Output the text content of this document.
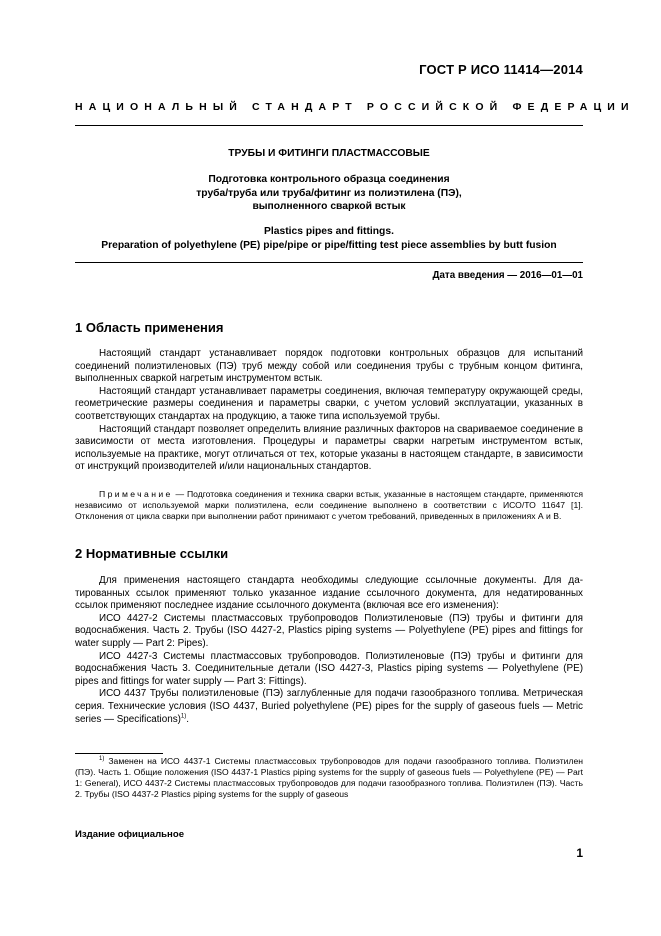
ГОСТ Р ИСО 11414—2014
НАЦИОНАЛЬНЫЙ СТАНДАРТ РОССИЙСКОЙ ФЕДЕРАЦИИ
ТРУБЫ И ФИТИНГИ ПЛАСТМАССОВЫЕ
Подготовка контрольного образца соединения
труба/труба или труба/фитинг из полиэтилена (ПЭ),
выполненного сваркой встык
Plastics pipes and fittings.
Preparation of polyethylene (PE) pipe/pipe or pipe/fitting test piece assemblies by butt fusion
Дата введения — 2016—01—01
1 Область применения

Настоящий стандарт устанавливает порядок подготовки контрольных образцов для испытаний соединений полиэтиленовых (ПЭ) труб между собой или соединения трубы с трубным концом фитинга, выполненных сваркой нагретым инструментом встык.

Настоящий стандарт устанавливает параметры соединения, включая температуру окружающей среды, геометрические размеры соединения и параметры сварки, с учетом условий эксплуатации, указанных в соответствующих стандартах на продукцию, а также типа используемой трубы.

Настоящий стандарт позволяет определить влияние различных факторов на свариваемое соединение в зависимости от места изготовления. Процедуры и параметры сварки нагретым инструментом встык, используемые на практике, могут отличаться от тех, которые указаны в настоящем стандарте, в зависимости от инструкций производителей и/или национальных стандартов.

Примечание — Подготовка соединения и техника сварки встык, указанные в настоящем стандарте, применяются независимо от используемой марки полиэтилена, если соединение выполнено в соответствии с ИСО/ТО 11647 [1]. Отклонения от цикла сварки при выполнении работ принимают с учетом требований, приведенных в приложениях А и В.
2 Нормативные ссылки

Для применения настоящего стандарта необходимы следующие ссылочные документы. Для датированных ссылок применяют только указанное издание ссылочного документа, для недатированных ссылок применяют последнее издание ссылочного документа (включая все его изменения):

ИСО 4427-2 Системы пластмассовых трубопроводов Полиэтиленовые (ПЭ) трубы и фитинги для водоснабжения. Часть 2. Трубы (ISO 4427-2, Plastics piping systems — Polyethylene (PE) pipes and fittings for water supply — Part 2: Pipes).

ИСО 4427-3 Системы пластмассовых трубопроводов. Полиэтиленовые (ПЭ) трубы и фитинги для водоснабжения Часть 3. Соединительные детали (ISO 4427-3, Plastics piping systems — Polyethylene (PE) pipes and fittings for water supply — Part 3: Fittings).

ИСО 4437 Трубы полиэтиленовые (ПЭ) заглубленные для подачи газообразного топлива. Метрическая серия. Технические условия (ISO 4437, Buried polyethylene (PE) pipes for the supply of gaseous fuels — Metric series — Specifications)$^{1)}$.

$^{1)}$ Заменен на ИСО 4437-1 Системы пластмассовых трубопроводов для подачи газообразного топлива. Полиэтилен (ПЭ). Часть 1. Общие положения (ISO 4437-1 Plastics piping systems for the supply of gaseous fuels — Polyethylene (PE) — Part 1: General), ИСО 4437-2 Системы пластмассовых трубопроводов для подачи газообразного топлива. Полиэтилен (ПЭ). Часть 2. Трубы (ISO 4437-2 Plastics piping systems for the supply of gaseous
Издание официальное
1
